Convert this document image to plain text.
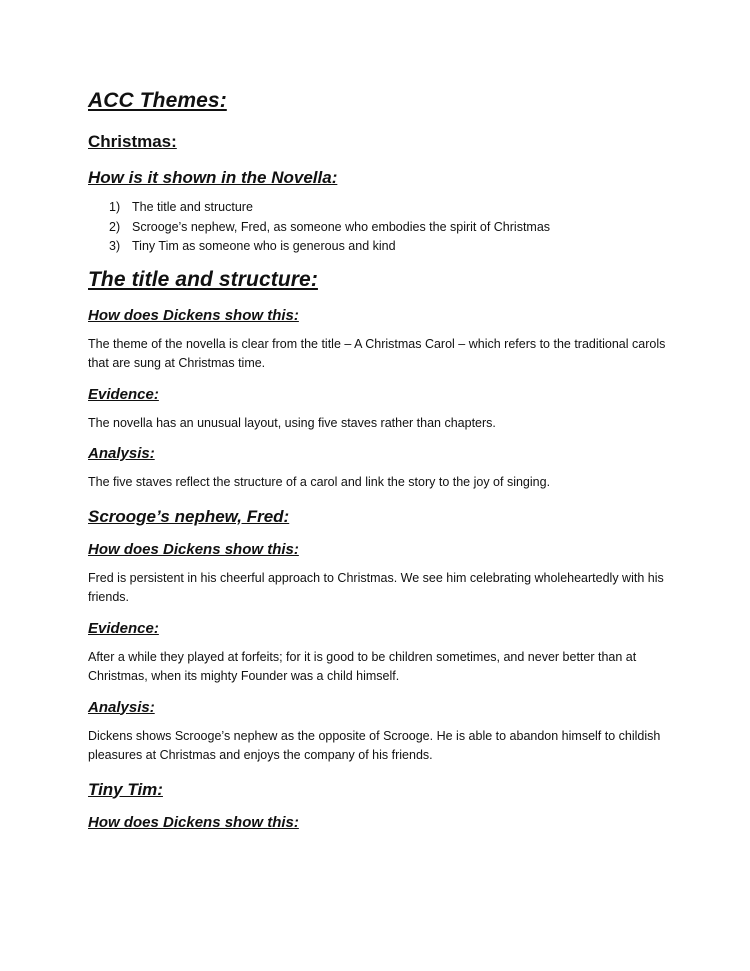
ACC Themes:
Christmas:
How is it shown in the Novella:
1) The title and structure
2) Scrooge’s nephew, Fred, as someone who embodies the spirit of Christmas
3) Tiny Tim as someone who is generous and kind
The title and structure:
How does Dickens show this:

The theme of the novella is clear from the title – A Christmas Carol – which refers to the traditional carols that are sung at Christmas time.

Evidence:

The novella has an unusual layout, using five staves rather than chapters.

Analysis:

The five staves reflect the structure of a carol and link the story to the joy of singing.

Scrooge’s nephew, Fred:
How does Dickens show this:

Fred is persistent in his cheerful approach to Christmas. We see him celebrating wholeheartedly with his friends.

Evidence:

After a while they played at forfeits; for it is good to be children sometimes, and never better than at Christmas, when its mighty Founder was a child himself.

Analysis:

Dickens shows Scrooge’s nephew as the opposite of Scrooge. He is able to abandon himself to childish pleasures at Christmas and enjoys the company of his friends.

Tiny Tim:
How does Dickens show this:
